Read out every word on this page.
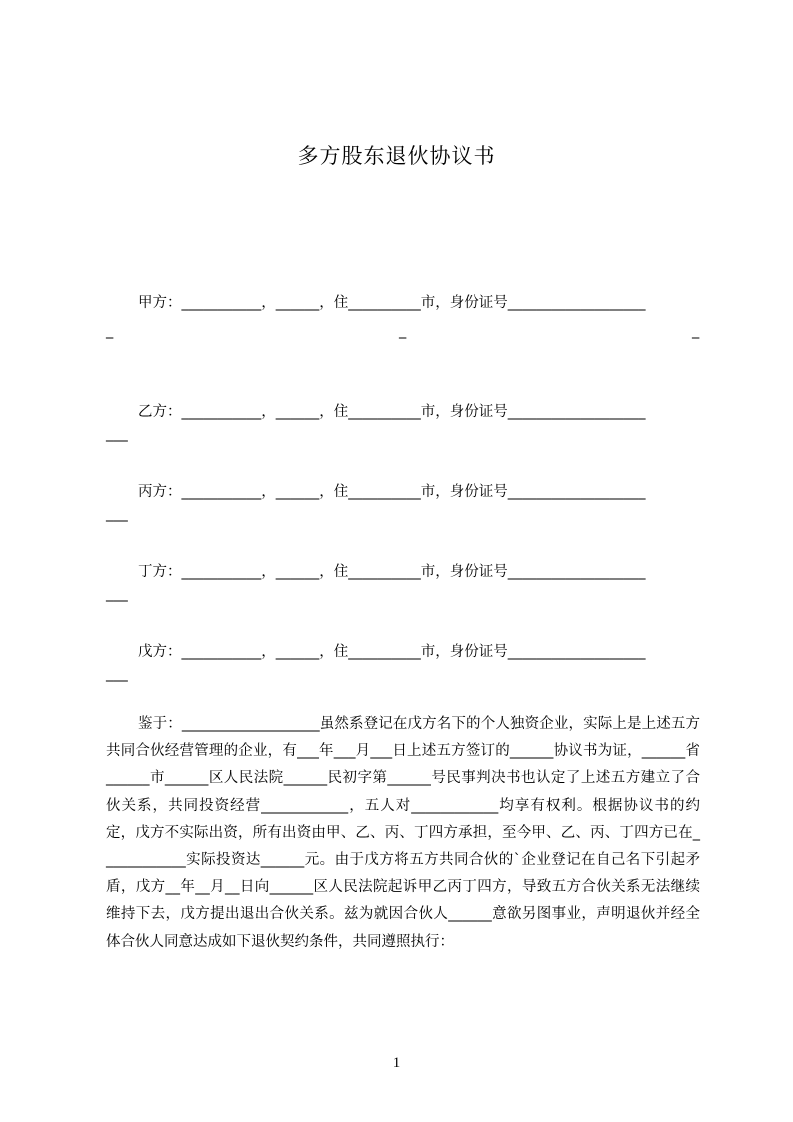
多方股东退伙协议书
甲方：___________，______，住__________市，身份证号___________________
_	_	_
乙方：___________，______，住__________市，身份证号___________________
___
丙方：___________，______，住__________市，身份证号___________________
___
丁方：___________，______，住__________市，身份证号___________________
___
戊方：___________，______，住__________市，身份证号___________________
___

鉴于：___________________虽然系登记在戊方名下的个人独资企业，实际上是上述五方共同合伙经营管理的企业，有___年___月___日上述五方签订的______协议书为证，______省______市______区人民法院______民初字第______号民事判决书也认定了上述五方建立了合伙关系，共同投资经营____________，五人对____________均享有权利。根据协议书的约定，戊方不实际出资，所有出资由甲、乙、丙、丁四方承担，至今甲、乙、丙、丁四方已在____________实际投资达______元。由于戊方将五方共同合伙的`企业登记在自己名下引起矛盾，戊方__年__月__日向______区人民法院起诉甲乙丙丁四方，导致五方合伙关系无法继续维持下去，戊方提出退出合伙关系。兹为就因合伙人______意欲另图事业，声明退伙并经全体合伙人同意达成如下退伙契约条件，共同遵照执行：

1
